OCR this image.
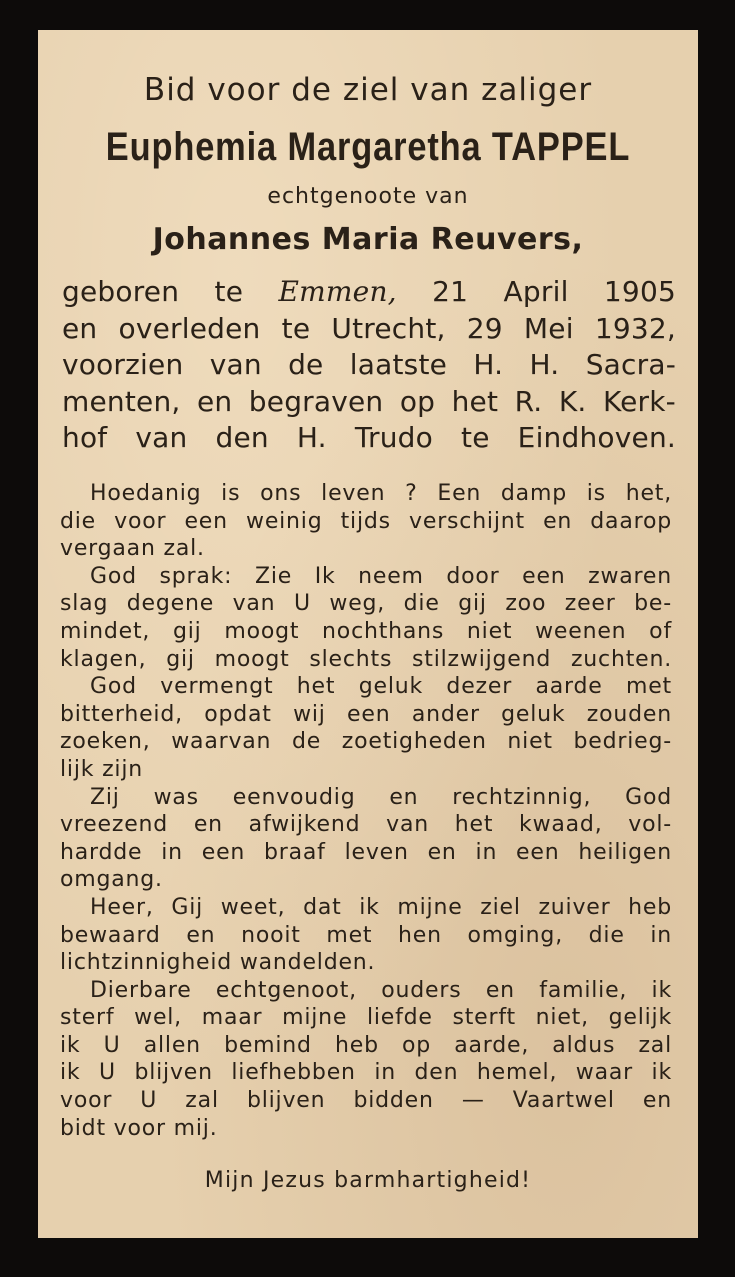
Bid voor de ziel van zaliger

Euphemia Margaretha TAPPEL

echtgenoote van

Johannes Maria Reuvers,

geboren te Emmen, 21 April 1905
en overleden te Utrecht, 29 Mei 1932,
voorzien van de laatste H. H. Sacra-
menten, en begraven op het R. K. Kerk-
hof van den H. Trudo te Eindhoven.
Hoedanig is ons leven ? Een damp is het,
die voor een weinig tijds verschijnt en daarop
vergaan zal.
God sprak: Zie Ik neem door een zwaren
slag degene van U weg, die gij zoo zeer be-
mindet, gij moogt nochthans niet weenen of
klagen, gij moogt slechts stilzwijgend zuchten.
God vermengt het geluk dezer aarde met
bitterheid, opdat wij een ander geluk zouden
zoeken, waarvan de zoetigheden niet bedrieg-
lijk zijn
Zij was eenvoudig en rechtzinnig, God
vreezend en afwijkend van het kwaad, vol-
hardde in een braaf leven en in een heiligen
omgang.
Heer, Gij weet, dat ik mijne ziel zuiver heb
bewaard en nooit met hen omging, die in
lichtzinnigheid wandelden.
Dierbare echtgenoot, ouders en familie, ik
sterf wel, maar mijne liefde sterft niet, gelijk
ik U allen bemind heb op aarde, aldus zal
ik U blijven liefhebben in den hemel, waar ik
voor U zal blijven bidden — Vaartwel en
bidt voor mij.

Mijn Jezus barmhartigheid!
